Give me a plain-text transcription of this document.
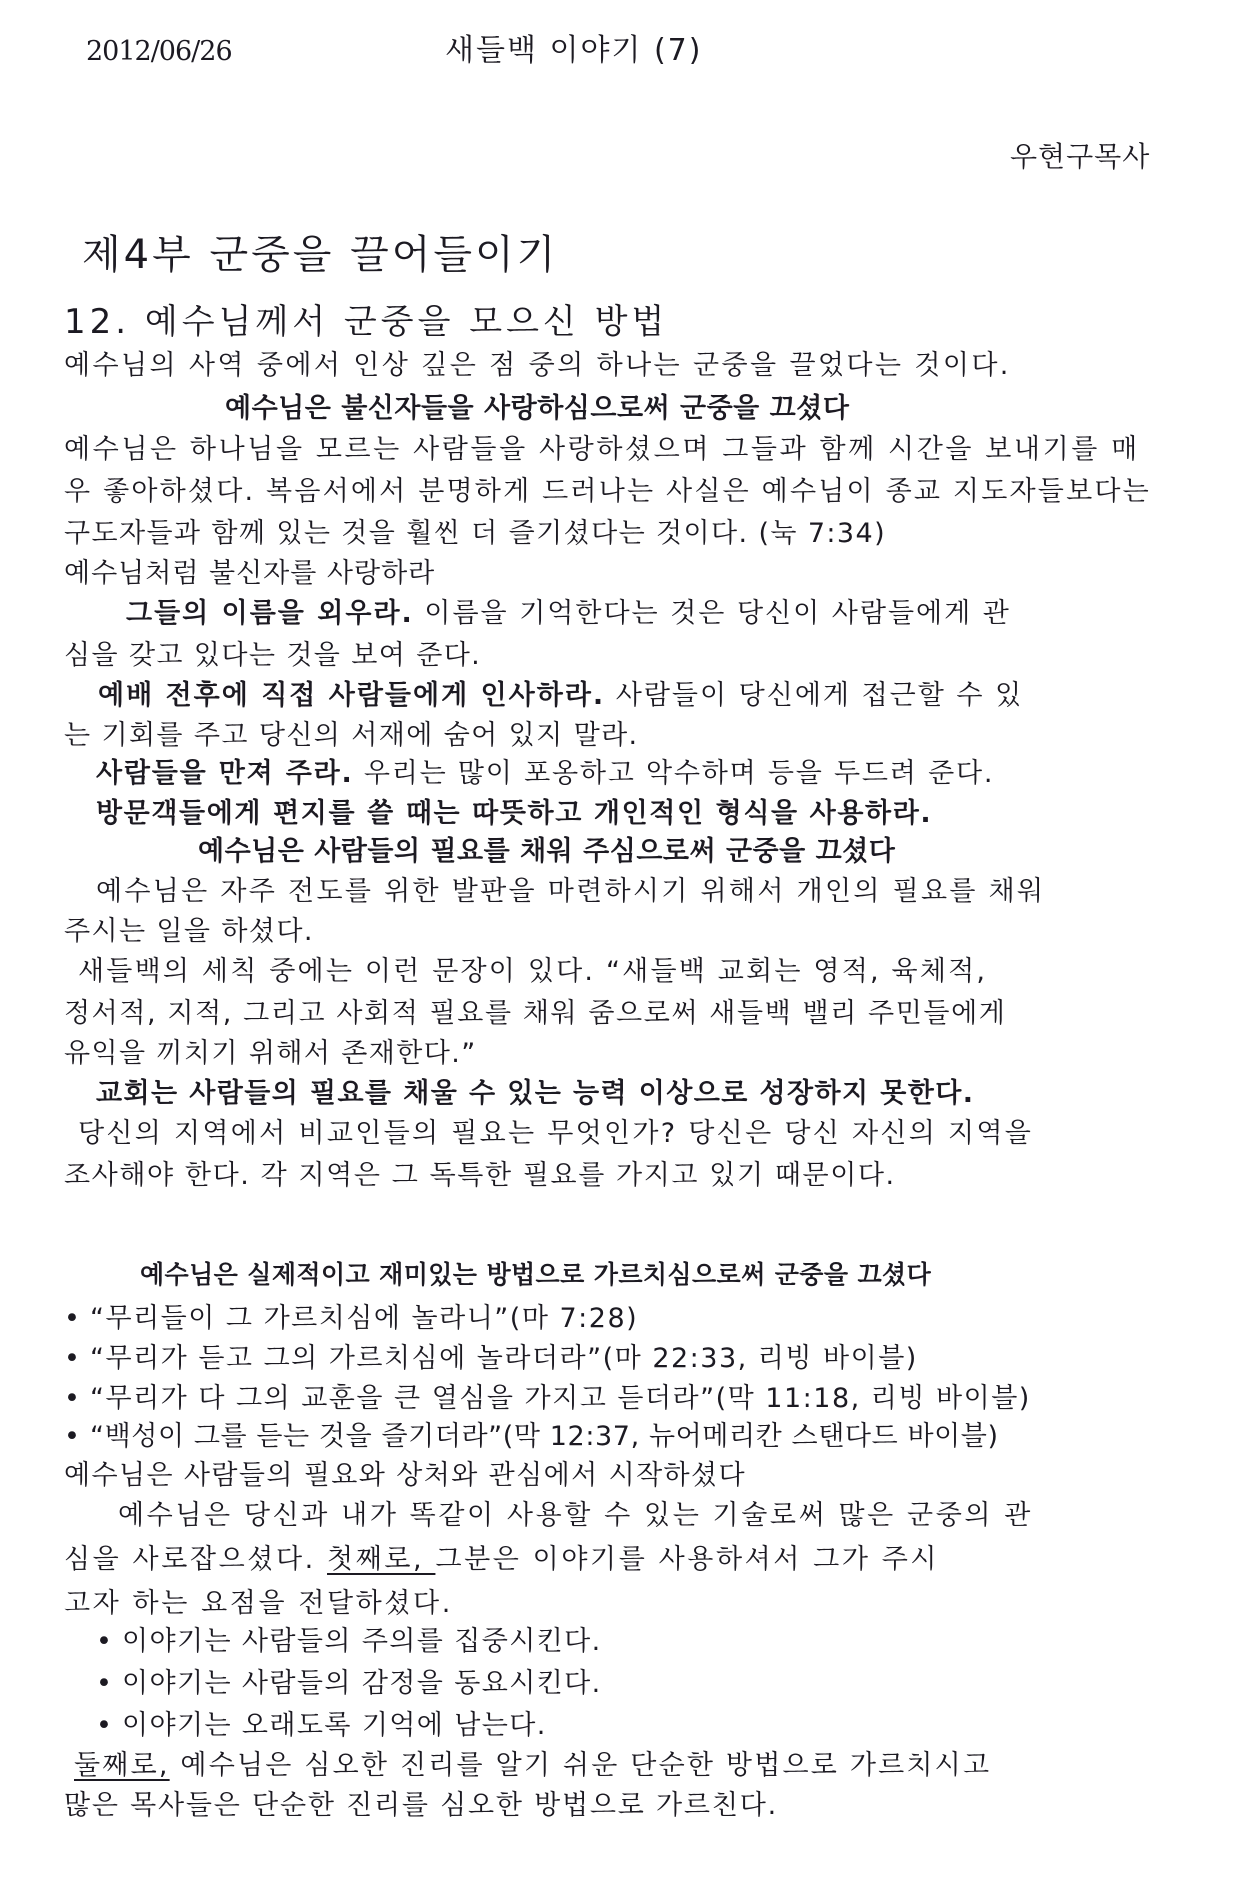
2012/06/26	새들백 이야기 (7)
우현구목사
제4부 군중을 끌어들이기
12. 예수님께서 군중을 모으신 방법
예수님의 사역 중에서 인상 깊은 점 중의 하나는 군중을 끌었다는 것이다.
예수님은 불신자들을 사랑하심으로써 군중을 끄셨다
예수님은 하나님을 모르는 사람들을 사랑하셨으며 그들과 함께 시간을 보내기를 매
우 좋아하셨다. 복음서에서 분명하게 드러나는 사실은 예수님이 종교 지도자들보다는
구도자들과 함께 있는 것을 훨씬 더 즐기셨다는 것이다. (눅 7:34)
예수님처럼 불신자를 사랑하라
그들의 이름을 외우라. 이름을 기억한다는 것은 당신이 사람들에게 관
심을 갖고 있다는 것을 보여 준다.
예배 전후에 직접 사람들에게 인사하라. 사람들이 당신에게 접근할 수 있
는 기회를 주고 당신의 서재에 숨어 있지 말라.
사람들을 만져 주라. 우리는 많이 포옹하고 악수하며 등을 두드려 준다.
방문객들에게 편지를 쓸 때는 따뜻하고 개인적인 형식을 사용하라.
예수님은 사람들의 필요를 채워 주심으로써 군중을 끄셨다
예수님은 자주 전도를 위한 발판을 마련하시기 위해서 개인의 필요를 채워
주시는 일을 하셨다.
새들백의 세칙 중에는 이런 문장이 있다. “새들백 교회는 영적, 육체적,
정서적, 지적, 그리고 사회적 필요를 채워 줌으로써 새들백 밸리 주민들에게
유익을 끼치기 위해서 존재한다.”
교회는 사람들의 필요를 채울 수 있는 능력 이상으로 성장하지 못한다.
당신의 지역에서 비교인들의 필요는 무엇인가? 당신은 당신 자신의 지역을
조사해야 한다. 각 지역은 그 독특한 필요를 가지고 있기 때문이다.
예수님은 실제적이고 재미있는 방법으로 가르치심으로써 군중을 끄셨다
• “무리들이 그 가르치심에 놀라니”(마 7:28)
• “무리가 듣고 그의 가르치심에 놀라더라”(마 22:33, 리빙 바이블)
• “무리가 다 그의 교훈을 큰 열심을 가지고 듣더라”(막 11:18, 리빙 바이블)
• “백성이 그를 듣는 것을 즐기더라”(막 12:37, 뉴어메리칸 스탠다드 바이블)
예수님은 사람들의 필요와 상처와 관심에서 시작하셨다
예수님은 당신과 내가 똑같이 사용할 수 있는 기술로써 많은 군중의 관
심을 사로잡으셨다. 첫째로, 그분은 이야기를 사용하셔서 그가 주시
고자 하는 요점을 전달하셨다.
• 이야기는 사람들의 주의를 집중시킨다.
• 이야기는 사람들의 감정을 동요시킨다.
• 이야기는 오래도록 기억에 남는다.
둘째로, 예수님은 심오한 진리를 알기 쉬운 단순한 방법으로 가르치시고
많은 목사들은 단순한 진리를 심오한 방법으로 가르친다.
